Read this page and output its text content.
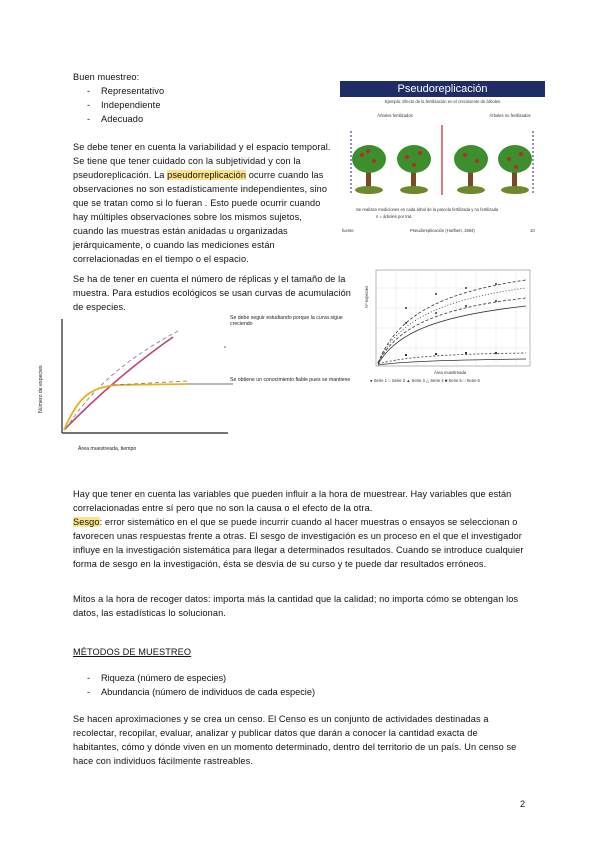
Buen muestreo:
- Representativo
- Independiente
- Adecuado
Se debe tener en cuenta la variabilidad y el espacio temporal. Se tiene que tener cuidado con la subjetividad y con la pseudoreplicación. La pseudorreplicación ocurre cuando las observaciones no son estadísticamente independientes, sino que se tratan como si lo fueran . Esto puede ocurrir cuando hay múltiples observaciones sobre los mismos sujetos, cuando las muestras están anidadas u organizadas jerárquicamente, o cuando las mediciones están correlacionadas en el tiempo o el espacio.
Se ha de tener en cuenta el número de réplicas y el tamaño de la muestra. Para estudios ecológicos se usan curvas de acumulación de especies.
Pseudoreplicación
Ejemplo: Efecto de la fertilización en el crecimiento de árboles
Árboles fertilizados	Árboles no fertilizados
Se realizan mediciones en cada árbol de la parcela fertilizada y no fertilizada
n = árboles por trat.
fuente	Pseudoreplicación (Hurlbert, 1984)	10
Número de especies
Área muestreada, tiempo
Se debe seguir estudiando porque la curva sigue creciendo
Se obtiene un conocimiento fiable pues se mantiene
Nº especies
Área muestreada
● Serie 1 ○ Serie 2 ▲ Serie 3 △ Serie 4 ■ Serie 5 □ Serie 6
Hay que tener en cuenta las variables que pueden influir a la hora de muestrear. Hay variables que están correlacionadas entre sí pero que no son la causa o el efecto de la otra.
Sesgo: error sistemático en el que se puede incurrir cuando al hacer muestras o ensayos se seleccionan o favorecen unas respuestas frente a otras. El sesgo de investigación es un proceso en el que el investigador influye en la investigación sistemática para llegar a determinados resultados. Cuando se introduce cualquier forma de sesgo en la investigación, ésta se desvía de su curso y te puede dar resultados erróneos.
Mitos a la hora de recoger datos: importa más la cantidad que la calidad; no importa cómo se obtengan los datos, las estadísticas lo solucionan.
MÉTODOS DE MUESTREO
- Riqueza (número de especies)
- Abundancia (número de individuos de cada especie)
Se hacen aproximaciones y se crea un censo. El Censo es un conjunto de actividades destinadas a recolectar, recopilar, evaluar, analizar y publicar datos que darán a conocer la cantidad exacta de habitantes, cómo y dónde viven en un momento determinado, dentro del territorio de un país. Un censo se hace con individuos fácilmente rastreables.
2
